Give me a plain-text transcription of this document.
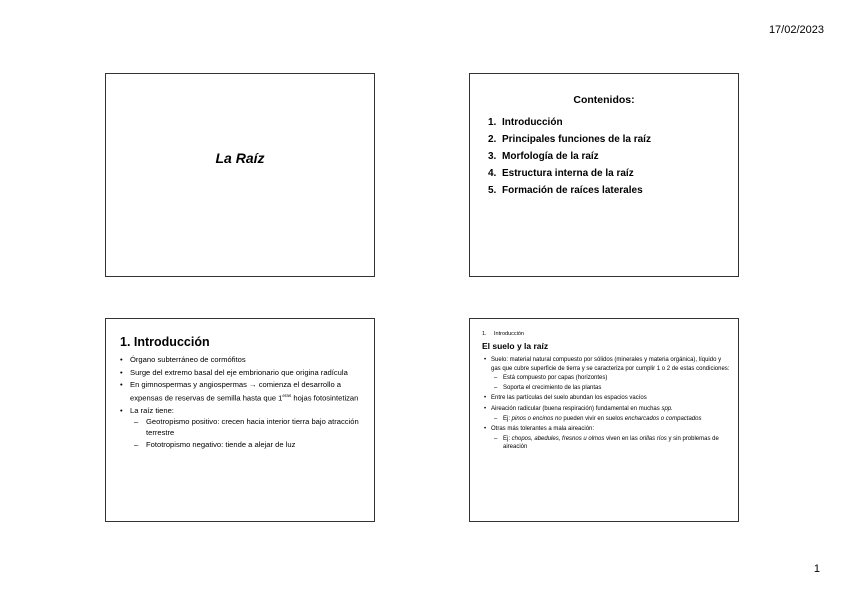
17/02/2023
La Raíz
Contenidos:
1. Introducción
2. Principales funciones de la raíz
3. Morfología de la raíz
4. Estructura interna de la raíz
5. Formación de raíces laterales
1. Introducción
• Órgano subterráneo de cormófitos
• Surge del extremo basal del eje embrionario que origina radícula
• En gimnospermas y angiospermas → comienza el desarrollo a expensas de reservas de semilla hasta que $1^{eras}$ hojas fotosintetizan
• La raíz tiene:
– Geotropismo positivo: crecen hacia interior tierra bajo atracción terrestre
– Fototropismo negativo: tiende a alejar de luz
1. Introducción
El suelo y la raíz
• Suelo: material natural compuesto por sólidos (minerales y materia orgánica), líquido y gas que cubre superficie de tierra y se caracteriza por cumplir 1 o 2 de estas condiciones:
– Está compuesto por capas (horizontes)
– Soporta el crecimiento de las plantas
• Entre las partículas del suelo abundan los espacios vacíos
• Aireación radicular (buena respiración) fundamental en muchas spp.
– Ej: pinos o encinos no pueden vivir en suelos encharcados o compactados
• Otras más tolerantes a mala aireación:
– Ej: chopos, abedules, fresnos u olmos viven en las orillas ríos y sin problemas de aireación
1
